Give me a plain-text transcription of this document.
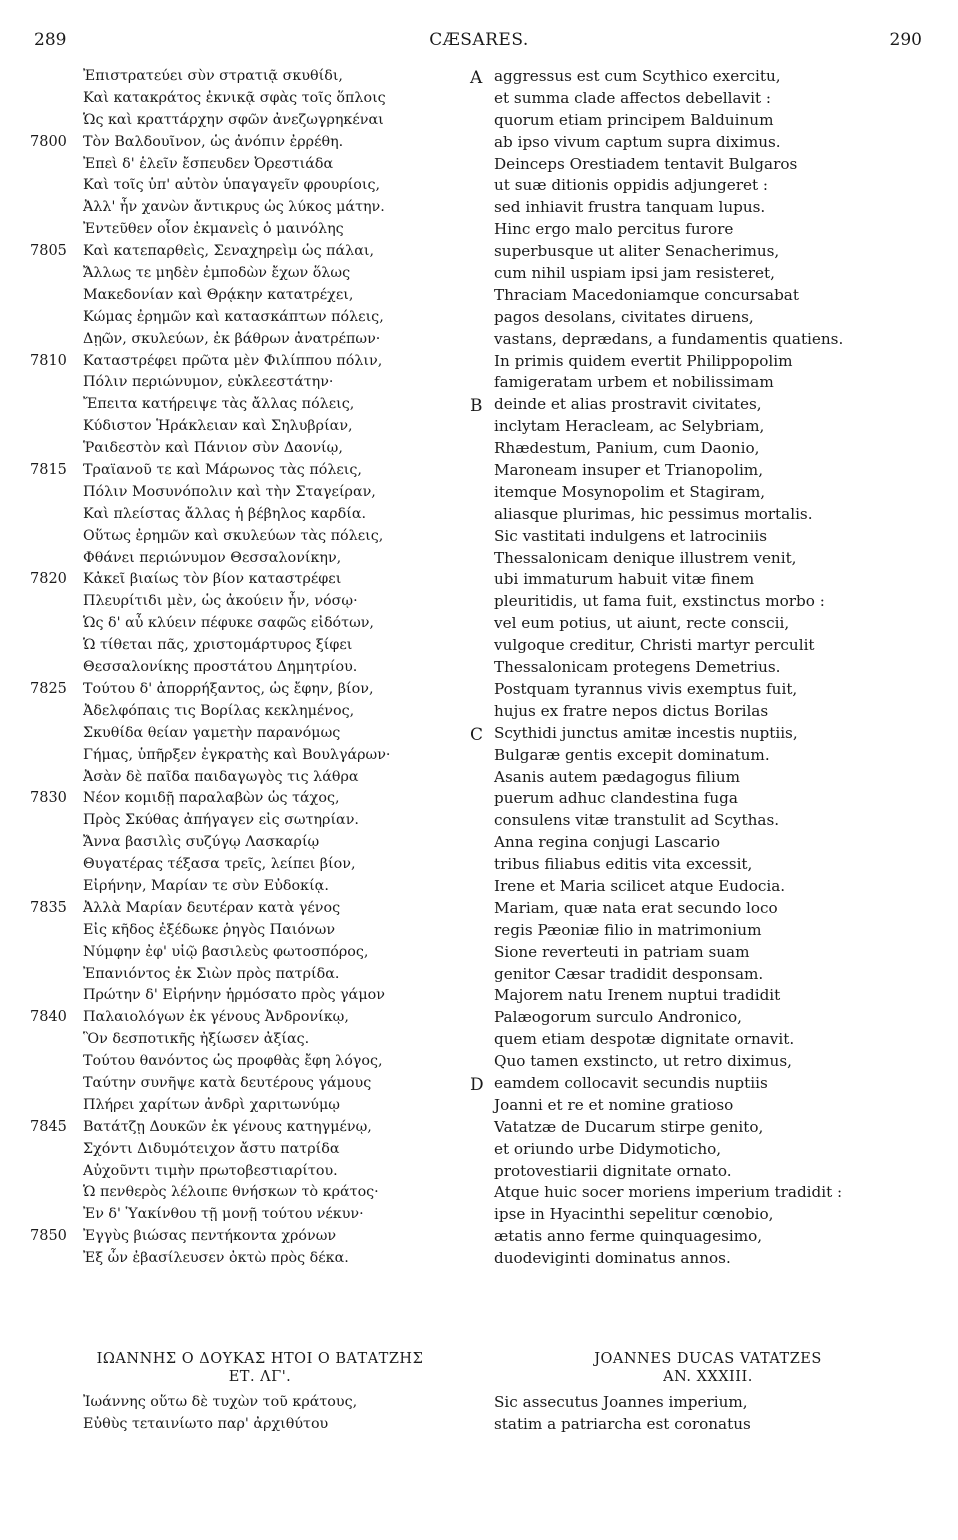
289	CÆSARES.	290
Ἐπιστρατεύει σὺν στρατιᾷ σκυθίδι,
Καὶ κατακράτος ἐκνικᾷ σφὰς τοῖς ὅπλοις
Ὡς καὶ κραττάρχην σφῶν ἀνεζωγρηκέναι
7800 Τὸν Βαλδουῖνον, ὡς ἀνόπιν ἐρρέθη.
Ἐπεὶ δ' ἑλεῖν ἔσπευδεν Ὀρεστιάδα
Καὶ τοῖς ὑπ' αὐτὸν ὑπαγαγεῖν φρουρίοις,
Ἀλλ' ἦν χανὼν ἄντικρυς ὡς λύκος μάτην.
Ἐντεῦθεν οἷον ἐκμανεὶς ὁ μαινόλης
7805 Καὶ κατεπαρθεὶς, Σεναχηρεὶμ ὡς πάλαι,
Ἄλλως τε μηδὲν ἐμποδὼν ἔχων ὅλως
Μακεδονίαν καὶ Θρᾴκην κατατρέχει,
Κώμας ἐρημῶν καὶ κατασκάπτων πόλεις,
Δῃῶν, σκυλεύων, ἐκ βάθρων ἀνατρέπων·
7810 Καταστρέφει πρῶτα μὲν Φιλίππου πόλιν,
Πόλιν περιώνυμον, εὐκλεεστάτην·
Ἔπειτα κατήρειψε τὰς ἄλλας πόλεις,
Κύδιστον Ἡράκλειαν καὶ Σηλυβρίαν,
Ῥαιδεστὸν καὶ Πάνιον σὺν Δαονίῳ,
7815 Τραϊανοῦ τε καὶ Μάρωνος τὰς πόλεις,
Πόλιν Μοσυνόπολιν καὶ τὴν Σταγείραν,
Καὶ πλείστας ἄλλας ἡ βέβηλος καρδία.
Οὕτως ἐρημῶν καὶ σκυλεύων τὰς πόλεις,
Φθάνει περιώνυμον Θεσσαλονίκην,
7820 Κἀκεῖ βιαίως τὸν βίον καταστρέφει
Πλευρίτιδι μὲν, ὡς ἀκούειν ἦν, νόσῳ·
Ὡς δ' αὖ κλύειν πέφυκε σαφῶς εἰδότων,
Ὡ τίθεται πᾶς, χριστομάρτυρος ξίφει
Θεσσαλονίκης προστάτου Δημητρίου.
7825 Τούτου δ' ἀπορρήξαντος, ὡς ἔφην, βίον,
Ἀδελφόπαις τις Βορίλας κεκλημένος,
Σκυθίδα θείαν γαμετὴν παρανόμως
Γήμας, ὑπῆρξεν ἐγκρατὴς καὶ Βουλγάρων·
Ἀσὰν δὲ παῖδα παιδαγωγὸς τις λάθρα
7830 Νέον κομιδῇ παραλαβὼν ὡς τάχος,
Πρὸς Σκύθας ἀπήγαγεν εἰς σωτηρίαν.
Ἄννα βασιλὶς συζύγῳ Λασκαρίῳ
Θυγατέρας τέξασα τρεῖς, λείπει βίον,
Εἰρήνην, Μαρίαν τε σὺν Εὐδοκίᾳ.
7835 Ἀλλὰ Μαρίαν δευτέραν κατὰ γένος
Εἰς κῆδος ἐξέδωκε ῥηγὸς Παιόνων
Νύμφην ἐφ' υἱῷ βασιλεὺς φωτοσπόρος,
Ἐπανιόντος ἐκ Σιὼν πρὸς πατρίδα.
Πρώτην δ' Εἰρήνην ἡρμόσατο πρὸς γάμον
7840 Παλαιολόγων ἐκ γένους Ἀνδρονίκῳ,
Ὃν δεσποτικῆς ἠξίωσεν ἀξίας.
Τούτου θανόντος ὡς προφθὰς ἔφη λόγος,
Ταύτην συνῆψε κατὰ δευτέρους γάμους
Πλήρει χαρίτων ἀνδρὶ χαριτωνύμῳ
7845 Βατάτζῃ Δουκῶν ἐκ γένους κατηγμένῳ,
Σχόντι Διδυμότειχον ἄστυ πατρίδα
Αὐχοῦντι τιμὴν πρωτοβεστιαρίτου.
Ὡ πενθερὸς λέλοιπε θνήσκων τὸ κράτος·
Ἐν δ' Ὑακίνθου τῇ μονῇ τούτου νέκυν·
7850 Ἐγγὺς βιώσας πεντήκοντα χρόνων
Ἐξ ὧν ἐβασίλευσεν ὀκτὼ πρὸς δέκα.
A aggressus est cum Scythico exercitu,
et summa clade affectos debellavit :
quorum etiam principem Balduinum
ab ipso vivum captum supra diximus.
Deinceps Orestiadem tentavit Bulgaros
ut suæ ditionis oppidis adjungeret :
sed inhiavit frustra tanquam lupus.
Hinc ergo malo percitus furore
superbusque ut aliter Senacherimus,
cum nihil uspiam ipsi jam resisteret,
Thraciam Macedoniamque concursabat
pagos desolans, civitates diruens,
vastans, deprædans, a fundamentis quatiens.
In primis quidem evertit Philippopolim
famigeratam urbem et nobilissimam
B deinde et alias prostravit civitates,
inclytam Heracleam, ac Selybriam,
Rhædestum, Panium, cum Daonio,
Maroneam insuper et Trianopolim,
itemque Mosynopolim et Stagiram,
aliasque plurimas, hic pessimus mortalis.
Sic vastitati indulgens et latrociniis
Thessalonicam denique illustrem venit,
ubi immaturum habuit vitæ finem
pleuritidis, ut fama fuit, exstinctus morbo :
vel eum potius, ut aiunt, recte conscii,
vulgoque creditur, Christi martyr perculit
Thessalonicam protegens Demetrius.
Postquam tyrannus vivis exemptus fuit,
hujus ex fratre nepos dictus Borilas
C Scythidi junctus amitæ incestis nuptiis,
Bulgaræ gentis excepit dominatum.
Asanis autem pædagogus filium
puerum adhuc clandestina fuga
consulens vitæ transtulit ad Scythas.
Anna regina conjugi Lascario
tribus filiabus editis vita excessit,
Irene et Maria scilicet atque Eudocia.
Mariam, quæ nata erat secundo loco
regis Pæoniæ filio in matrimonium
Sione reverteuti in patriam suam
genitor Cæsar tradidit desponsam.
Majorem natu Irenem nuptui tradidit
Palæogorum surculo Andronico,
quem etiam despotæ dignitate ornavit.
Quo tamen exstincto, ut retro diximus,
D eamdem collocavit secundis nuptiis
Joanni et re et nomine gratioso
Vatatzæ de Ducarum stirpe genito,
et oriundo urbe Didymoticho,
protovestiarii dignitate ornato.
Atque huic socer moriens imperium tradidit :
ipse in Hyacinthi sepelitur cœnobio,
ætatis anno ferme quinquagesimo,
duodeviginti dominatus annos.
ΙΩΑΝΝΗΣ Ο ΔΟΥΚΑΣ ΗΤΟΙ Ο ΒΑΤΑΤΖΗΣ
ΕΤ. ΛΓ'.
JOANNES DUCAS VATATZES
AN. XXXIII.
Ἰωάννης οὕτω δὲ τυχὼν τοῦ κράτους,
Εὐθὺς τεταινίωτο παρ' ἀρχιθύτου
Sic assecutus Joannes imperium,
statim a patriarcha est coronatus
